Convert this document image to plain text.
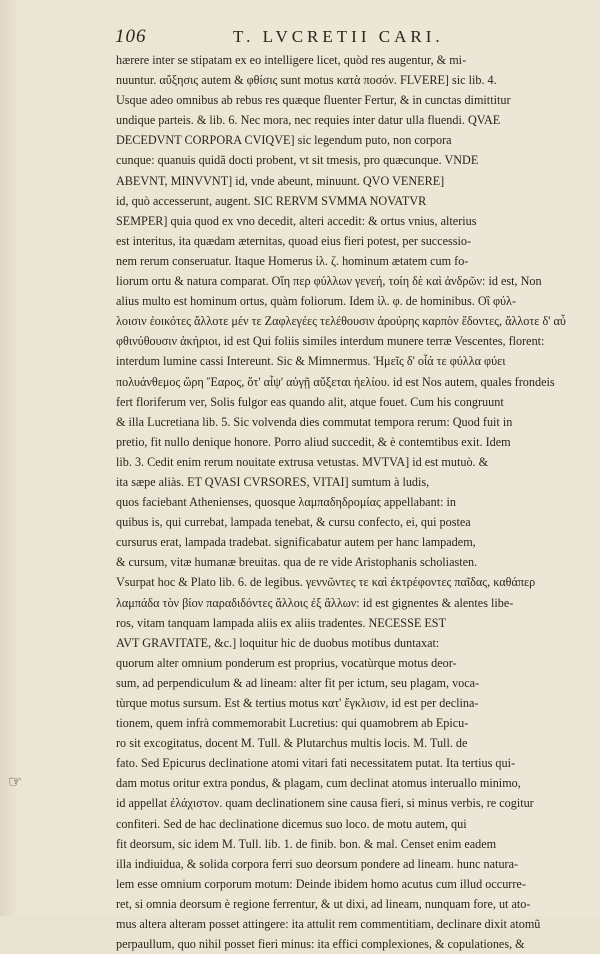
106	T. LVCRETII CARI.
hærere inter se stipatam ex eo intelligere licet, quòd res augentur, & mi-
nuuntur. αὔξησις autem & φθίσις sunt motus κατὰ ποσόν. FLVERE] sic lib. 4.
Usque adeo omnibus ab rebus res quæque fluenter Fertur, & in cunctas dimittitur
undique parteis. & lib. 6. Nec mora, nec requies inter datur ulla fluendi. QVAE
DECEDVNT CORPORA CVIQVE] sic legendum puto, non corpora
cunque: quanuis quidã docti probent, vt sit tmesis, pro quæcunque. VNDE
ABEVNT, MINVVNT] id, vnde abeunt, minuunt. QVO VENERE]
id, quò accesserunt, augent. SIC RERVM SVMMA NOVATVR
SEMPER] quia quod ex vno decedit, alteri accedit: & ortus vnius, alterius
est interitus, ita quædam æternitas, quoad eius fieri potest, per successio-
nem rerum conseruatur. Itaque Homerus ἰλ. ζ. hominum ætatem cum fo-
liorum ortu & natura comparat. Οἵη περ φύλλων γενεή, τοίη δὲ καὶ ἀνδρῶν: id est, Non
alius multo est hominum ortus, quàm foliorum. Idem ἰλ. φ. de hominibus. Οἳ φύλ-
λοισιν ἐοικότες ἄλλοτε μέν τε Ζαφλεγέες τελέθουσιν ἀρούρης καρπὸν ἔδοντες, ἄλλοτε δ' αὖ
φθινύθουσιν ἀκήριοι, id est Qui foliis similes interdum munere terræ Vescentes, florent:
interdum lumine cassi Intereunt. Sic & Mimnermus. Ἡμεῖς δ' οἷά τε φύλλα φύει
πολυάνθεμος ὥρη Ἔαρος, ὅτ' αἶψ' αὐγῇ αὔξεται ἠελίου. id est Nos autem, quales frondeis
fert floriferum ver, Solis fulgor eas quando alit, atque fouet. Cum his congruunt
& illa Lucretiana lib. 5. Sic volvenda dies commutat tempora rerum: Quod fuit in
pretio, fit nullo denique honore. Porro aliud succedit, & è contemtibus exit. Idem
lib. 3. Cedit enim rerum nouitate extrusa vetustas. MVTVA] id est mutuò. &
ita sæpe aliàs. ET QVASI CVRSORES, VITAI] sumtum à ludis,
quos faciebant Athenienses, quosque λαμπαδηδρομίας appellabant: in
quibus is, qui currebat, lampada tenebat, & cursu confecto, ei, qui postea
cursurus erat, lampada tradebat. significabatur autem per hanc lampadem,
& cursum, vitæ humanæ breuitas. qua de re vide Aristophanis scholiasten.
Vsurpat hoc & Plato lib. 6. de legibus. γεννῶντες τε καὶ ἐκτρέφοντες παῖδας, καθάπερ
λαμπάδα τὸν βίον παραδιδόντες ἄλλοις ἐξ ἄλλων: id est gignentes & alentes libe-
ros, vitam tanquam lampada aliis ex aliis tradentes. NECESSE EST
AVT GRAVITATE, &c.] loquitur hic de duobus motibus duntaxat:
quorum alter omnium ponderum est proprius, vocatùrque motus deor-
sum, ad perpendiculum & ad lineam: alter fit per ictum, seu plagam, voca-
tùrque motus sursum. Est & tertius motus κατ' ἔγκλισιν, id est per declina-
tionem, quem infrà commemorabit Lucretius: qui quamobrem ab Epicu-
ro sit excogitatus, docent M. Tull. & Plutarchus multis locis. M. Tull. de
fato. Sed Epicurus declinatione atomi vitari fati necessitatem putat. Ita tertius qui-
dam motus oritur extra pondus, & plagam, cum declinat atomus interuallo minimo,
id appellat ἐλάχιστον. quam declinationem sine causa fieri, si minus verbis, re cogitur
confiteri. Sed de hac declinatione dicemus suo loco. de motu autem, qui
fit deorsum, sic idem M. Tull. lib. 1. de finib. bon. & mal. Censet enim eadem
illa indiuidua, & solida corpora ferri suo deorsum pondere ad lineam. hunc natura-
lem esse omnium corporum motum: Deinde ibidem homo acutus cum illud occurre-
ret, si omnia deorsum è regione ferrentur, & ut dixi, ad lineam, nunquam fore, ut ato-
mus altera alteram posset attingere: ita attulit rem commentitiam, declinare dixit atomũ
perpaullum, quo nihil posset fieri minus: ita effici complexiones, & copulationes, &
☞
